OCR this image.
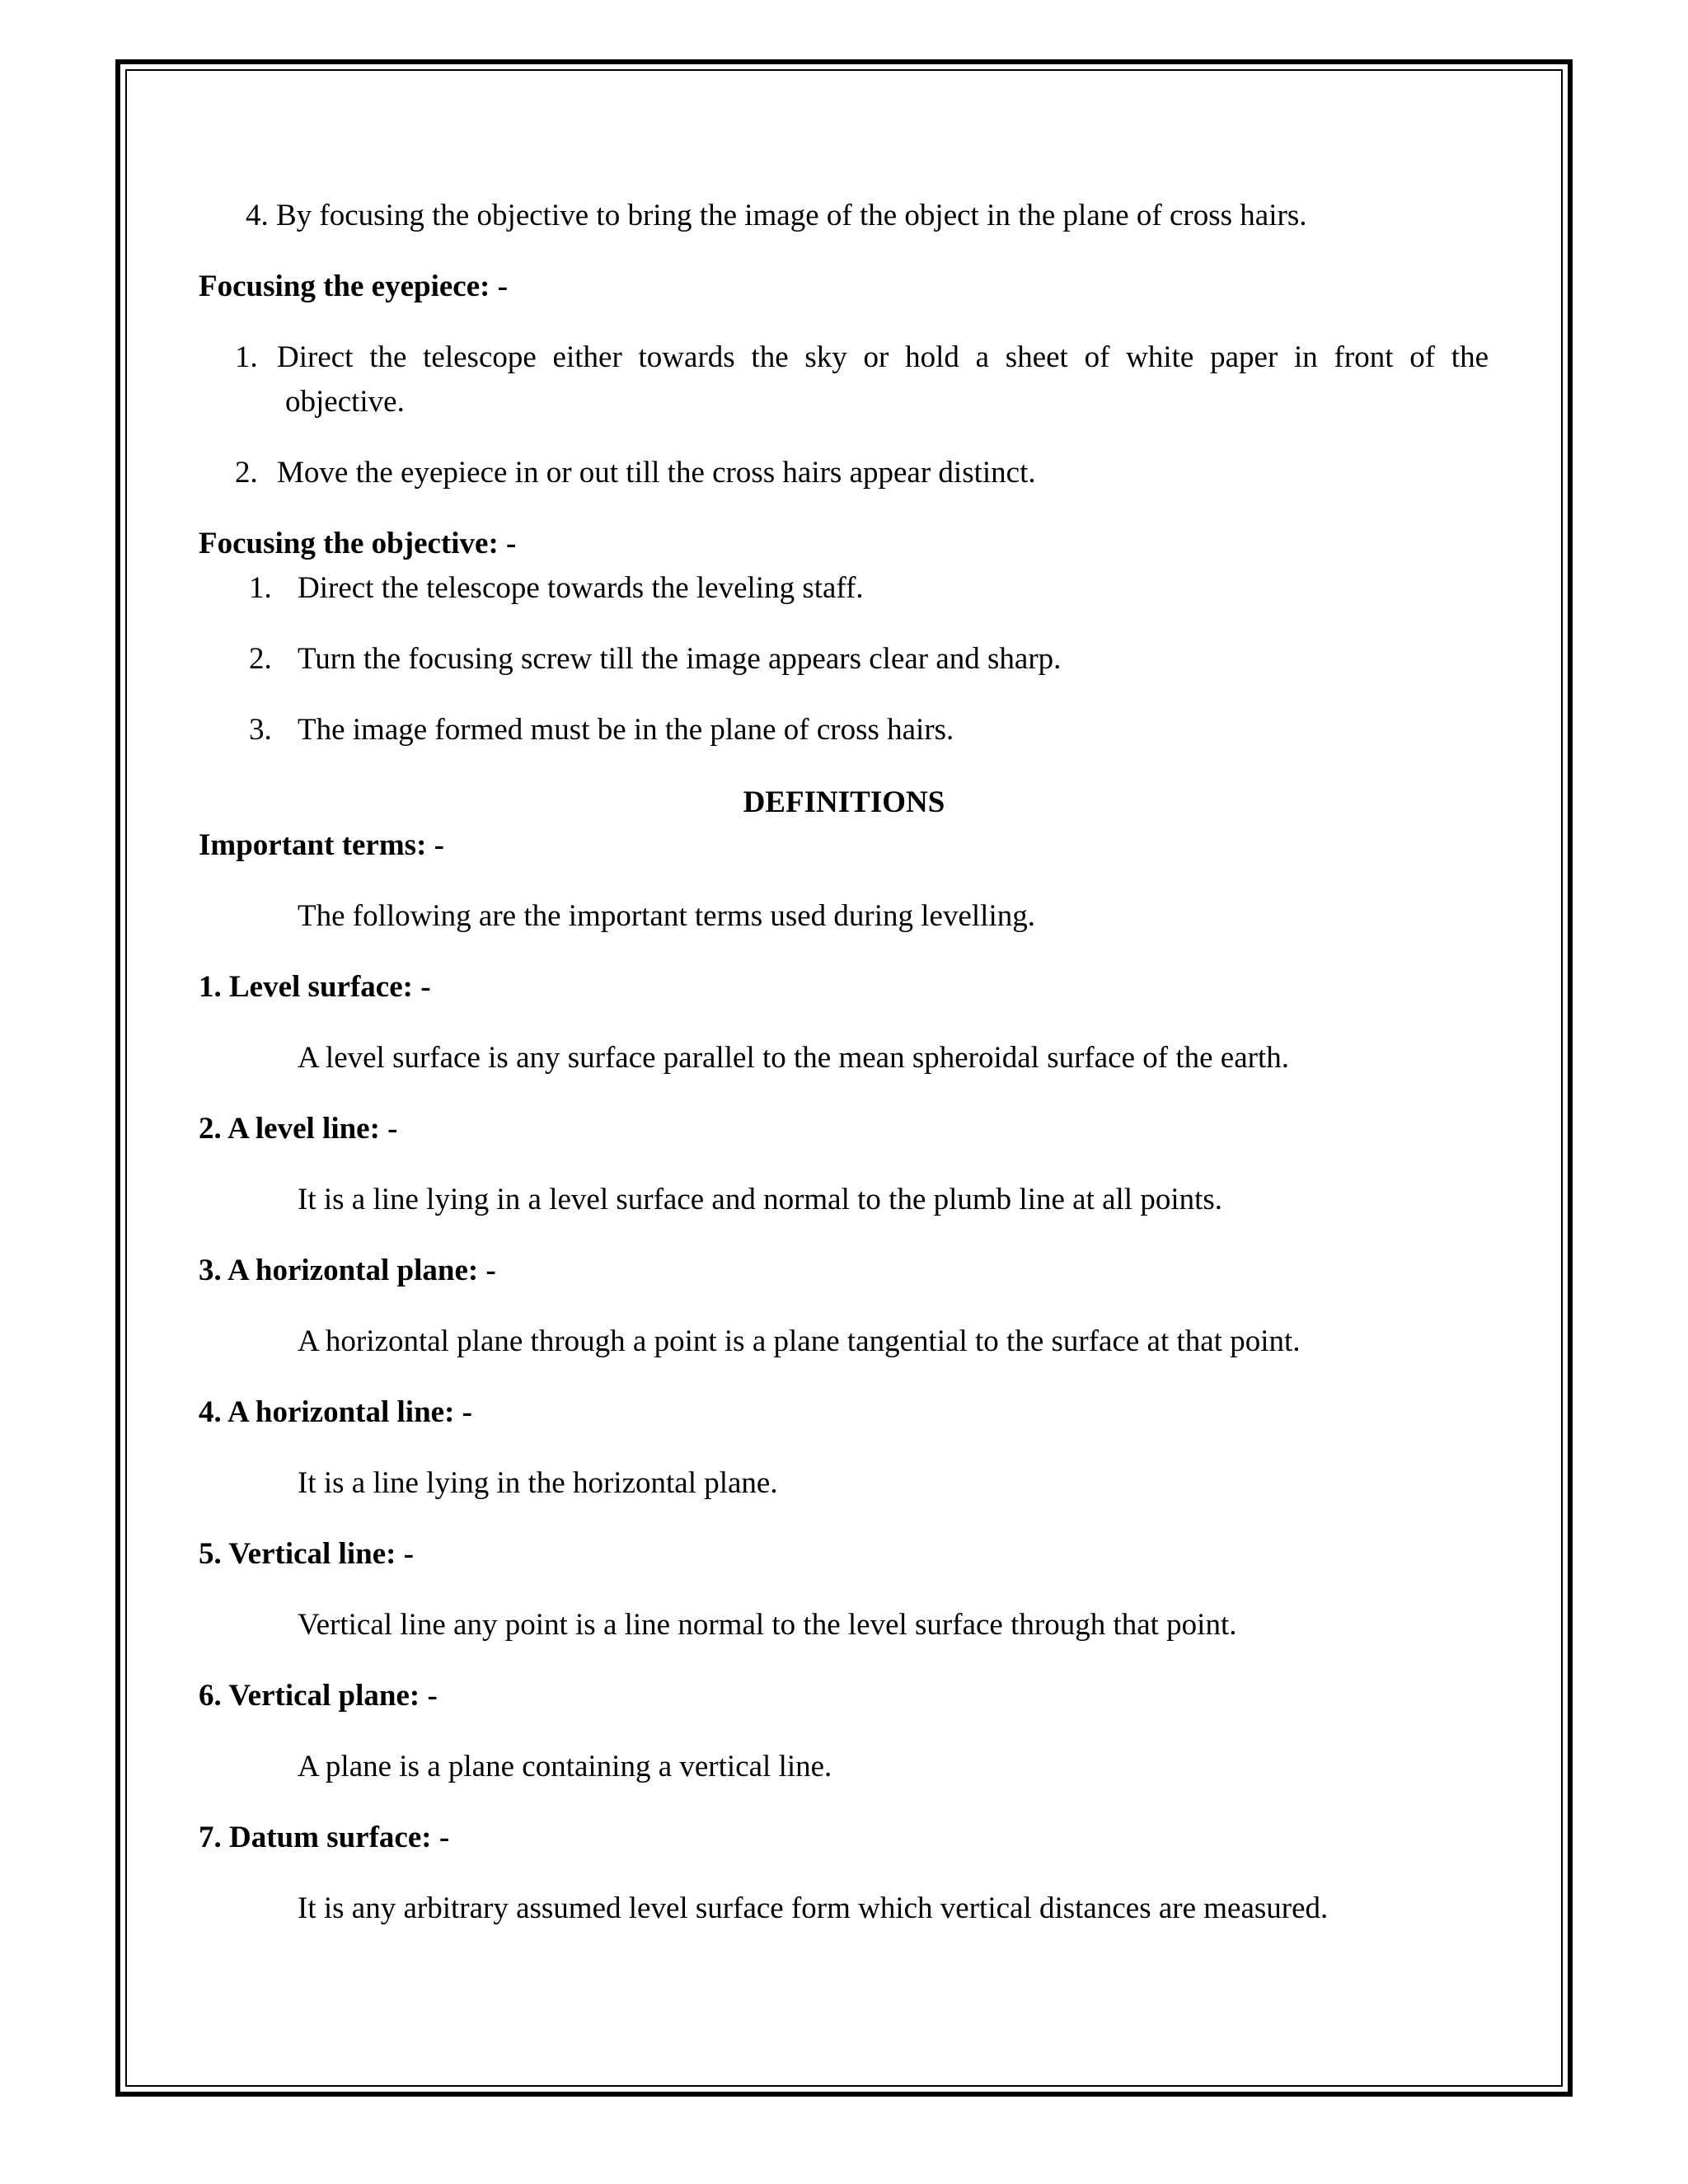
4. By focusing the objective to bring the image of the object in the plane of cross hairs.
Focusing the eyepiece: -
1. Direct the telescope either towards the sky or hold a sheet of white paper in front of the
objective.
2. Move the eyepiece in or out till the cross hairs appear distinct.
Focusing the objective: -
1. Direct the telescope towards the leveling staff.
2. Turn the focusing screw till the image appears clear and sharp.
3. The image formed must be in the plane of cross hairs.
DEFINITIONS
Important terms: -
The following are the important terms used during levelling.
1. Level surface: -
A level surface is any surface parallel to the mean spheroidal surface of the earth.
2. A level line: -
It is a line lying in a level surface and normal to the plumb line at all points.
3. A horizontal plane: -
A horizontal plane through a point is a plane tangential to the surface at that point.
4. A horizontal line: -
It is a line lying in the horizontal plane.
5. Vertical line: -
Vertical line any point is a line normal to the level surface through that point.
6. Vertical plane: -
A plane is a plane containing a vertical line.
7. Datum surface: -
It is any arbitrary assumed level surface form which vertical distances are measured.
